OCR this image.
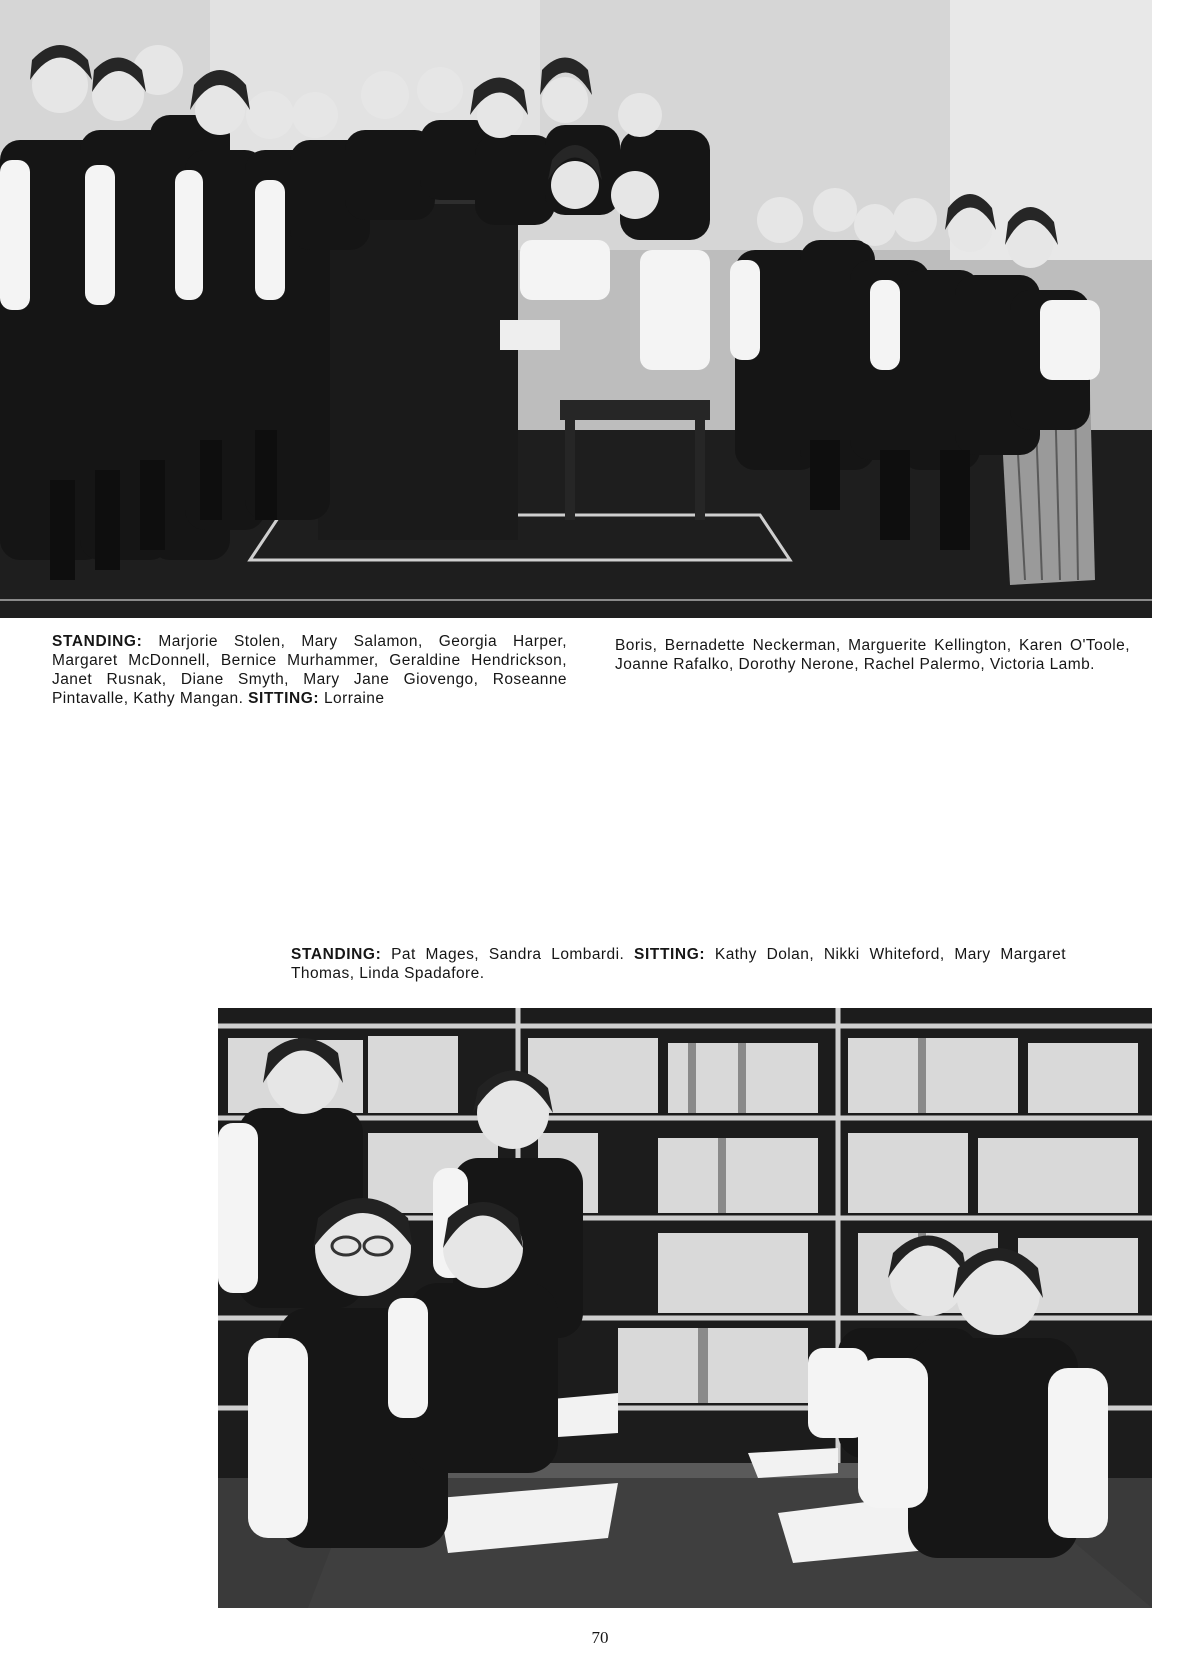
STANDING: Marjorie Stolen, Mary Salamon, Georgia Harper, Margaret McDonnell, Bernice Murhammer, Geraldine Hendrickson, Janet Rusnak, Diane Smyth, Mary Jane Giovengo, Roseanne Pintavalle, Kathy Mangan. SITTING: Lorraine

Boris, Bernadette Neckerman, Marguerite Kellington, Karen O'Toole, Joanne Rafalko, Dorothy Nerone, Rachel Palermo, Victoria Lamb.

STANDING: Pat Mages, Sandra Lombardi. SITTING: Kathy Dolan, Nikki Whiteford, Mary Margaret Thomas, Linda Spadafore.

70
